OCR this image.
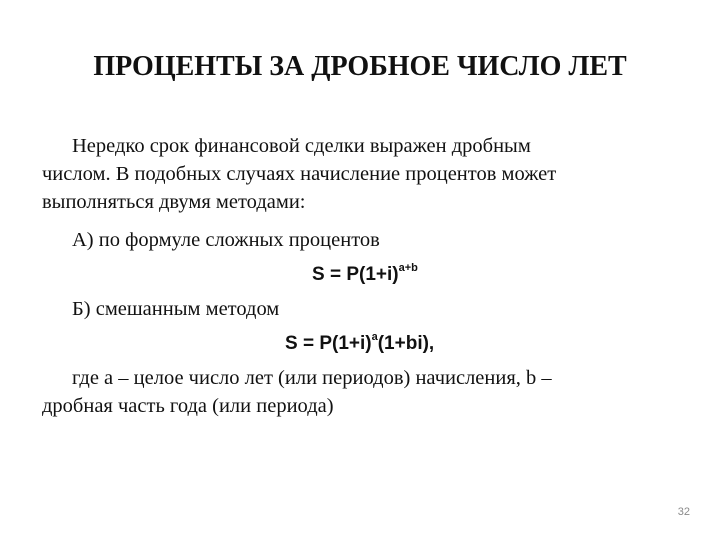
ПРОЦЕНТЫ ЗА ДРОБНОЕ ЧИСЛО ЛЕТ
Нередко срок финансовой сделки выражен дробным
числом. В подобных случаях начисление процентов может
выполняться двумя методами:
А) по формуле сложных процентов
$S = P(1+i)^{a+b}$
Б) смешанным методом
$S = P(1+i)^a(1+bi)$,
где a – целое число лет (или периодов) начисления, b –
дробная часть года (или периода)
32
